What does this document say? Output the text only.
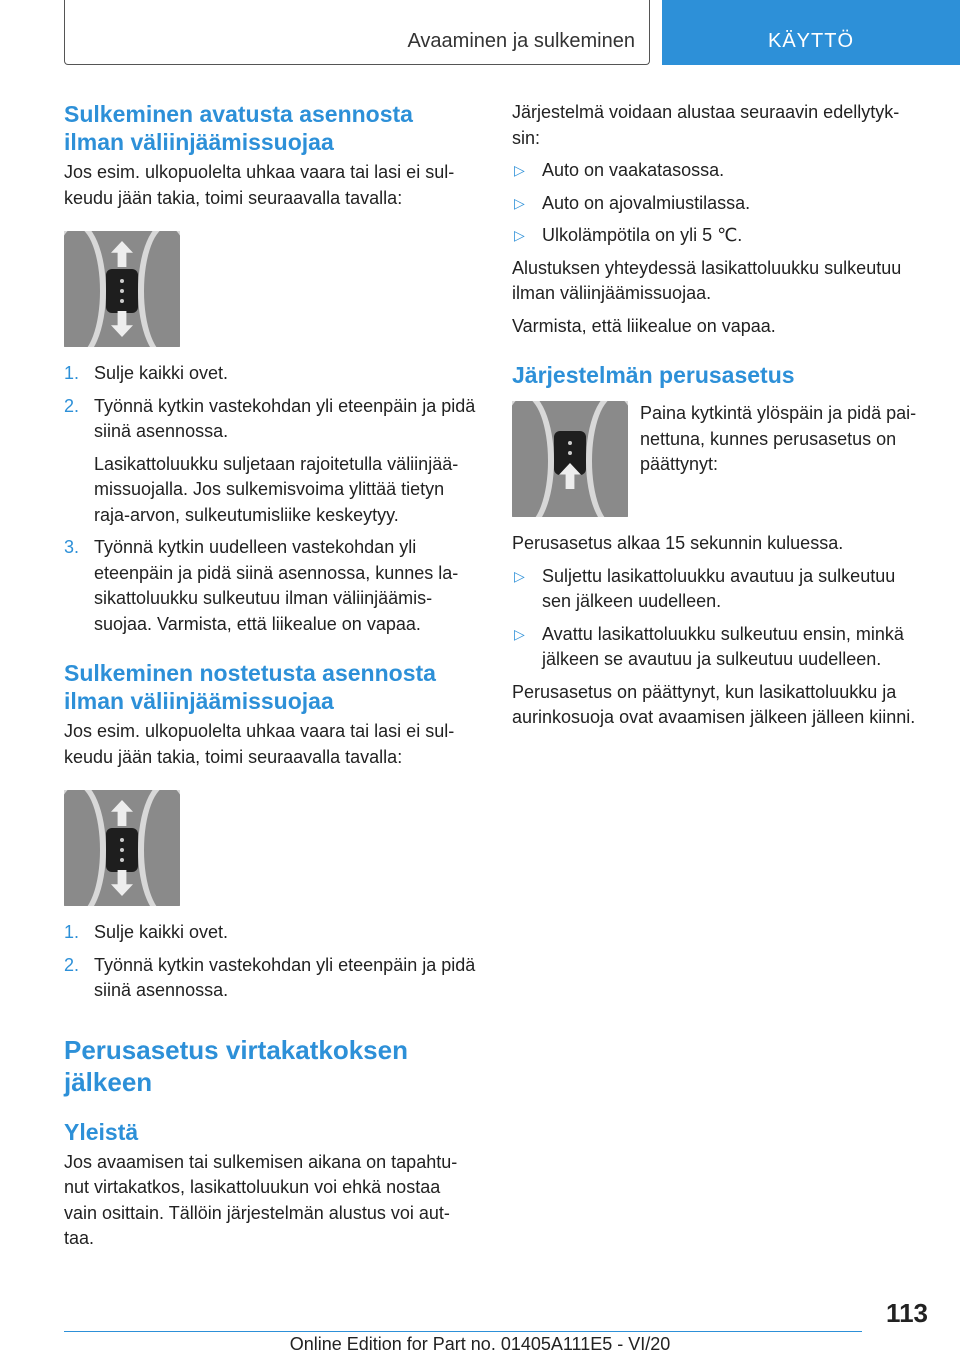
Avaaminen ja sulkeminen	KÄYTTÖ
Sulkeminen avatusta asennosta
ilman väliinjäämissuojaa
Jos esim. ulkopuolelta uhkaa vaara tai lasi ei sul‐keudu jään takia, toimi seuraavalla tavalla:
1. Sulje kaikki ovet.
2. Työnnä kytkin vastekohdan yli eteenpäin ja pidä siinä asennossa.
Lasikattoluukku suljetaan rajoitetulla väliinjää‐missuojalla. Jos sulkemisvoima ylittää tietyn raja-arvon, sulkeutumisliike keskeytyy.
3. Työnnä kytkin uudelleen vastekohdan yli eteenpäin ja pidä siinä asennossa, kunnes la‐sikattoluukku sulkeutuu ilman väliinjäämis‐suojaa. Varmista, että liikealue on vapaa.
Sulkeminen nostetusta asennosta
ilman väliinjäämissuojaa
Jos esim. ulkopuolelta uhkaa vaara tai lasi ei sul‐keudu jään takia, toimi seuraavalla tavalla:
1. Sulje kaikki ovet.
2. Työnnä kytkin vastekohdan yli eteenpäin ja pidä siinä asennossa.
Perusasetus virtakatkoksen
jälkeen
Yleistä
Jos avaamisen tai sulkemisen aikana on tapahtu‐nut virtakatkos, lasikattoluukun voi ehkä nostaa vain osittain. Tällöin järjestelmän alustus voi aut‐taa.
Järjestelmä voidaan alustaa seuraavin edellytyk‐sin:
▷ Auto on vaakatasossa.
▷ Auto on ajovalmiustilassa.
▷ Ulkolämpötila on yli 5 ℃.
Alustuksen yhteydessä lasikattoluukku sulkeutuu ilman väliinjäämissuojaa.
Varmista, että liikealue on vapaa.
Järjestelmän perusasetus
Paina kytkintä ylöspäin ja pidä pai‐nettuna, kunnes perusasetus on päättynyt:
Perusasetus alkaa 15 sekunnin kuluessa.
▷ Suljettu lasikattoluukku avautuu ja sulkeutuu sen jälkeen uudelleen.
▷ Avattu lasikattoluukku sulkeutuu ensin, minkä jälkeen se avautuu ja sulkeutuu uudelleen.
Perusasetus on päättynyt, kun lasikattoluukku ja aurinkosuoja ovat avaamisen jälkeen jälleen kiinni.
113
Online Edition for Part no. 01405A111E5 - VI/20
